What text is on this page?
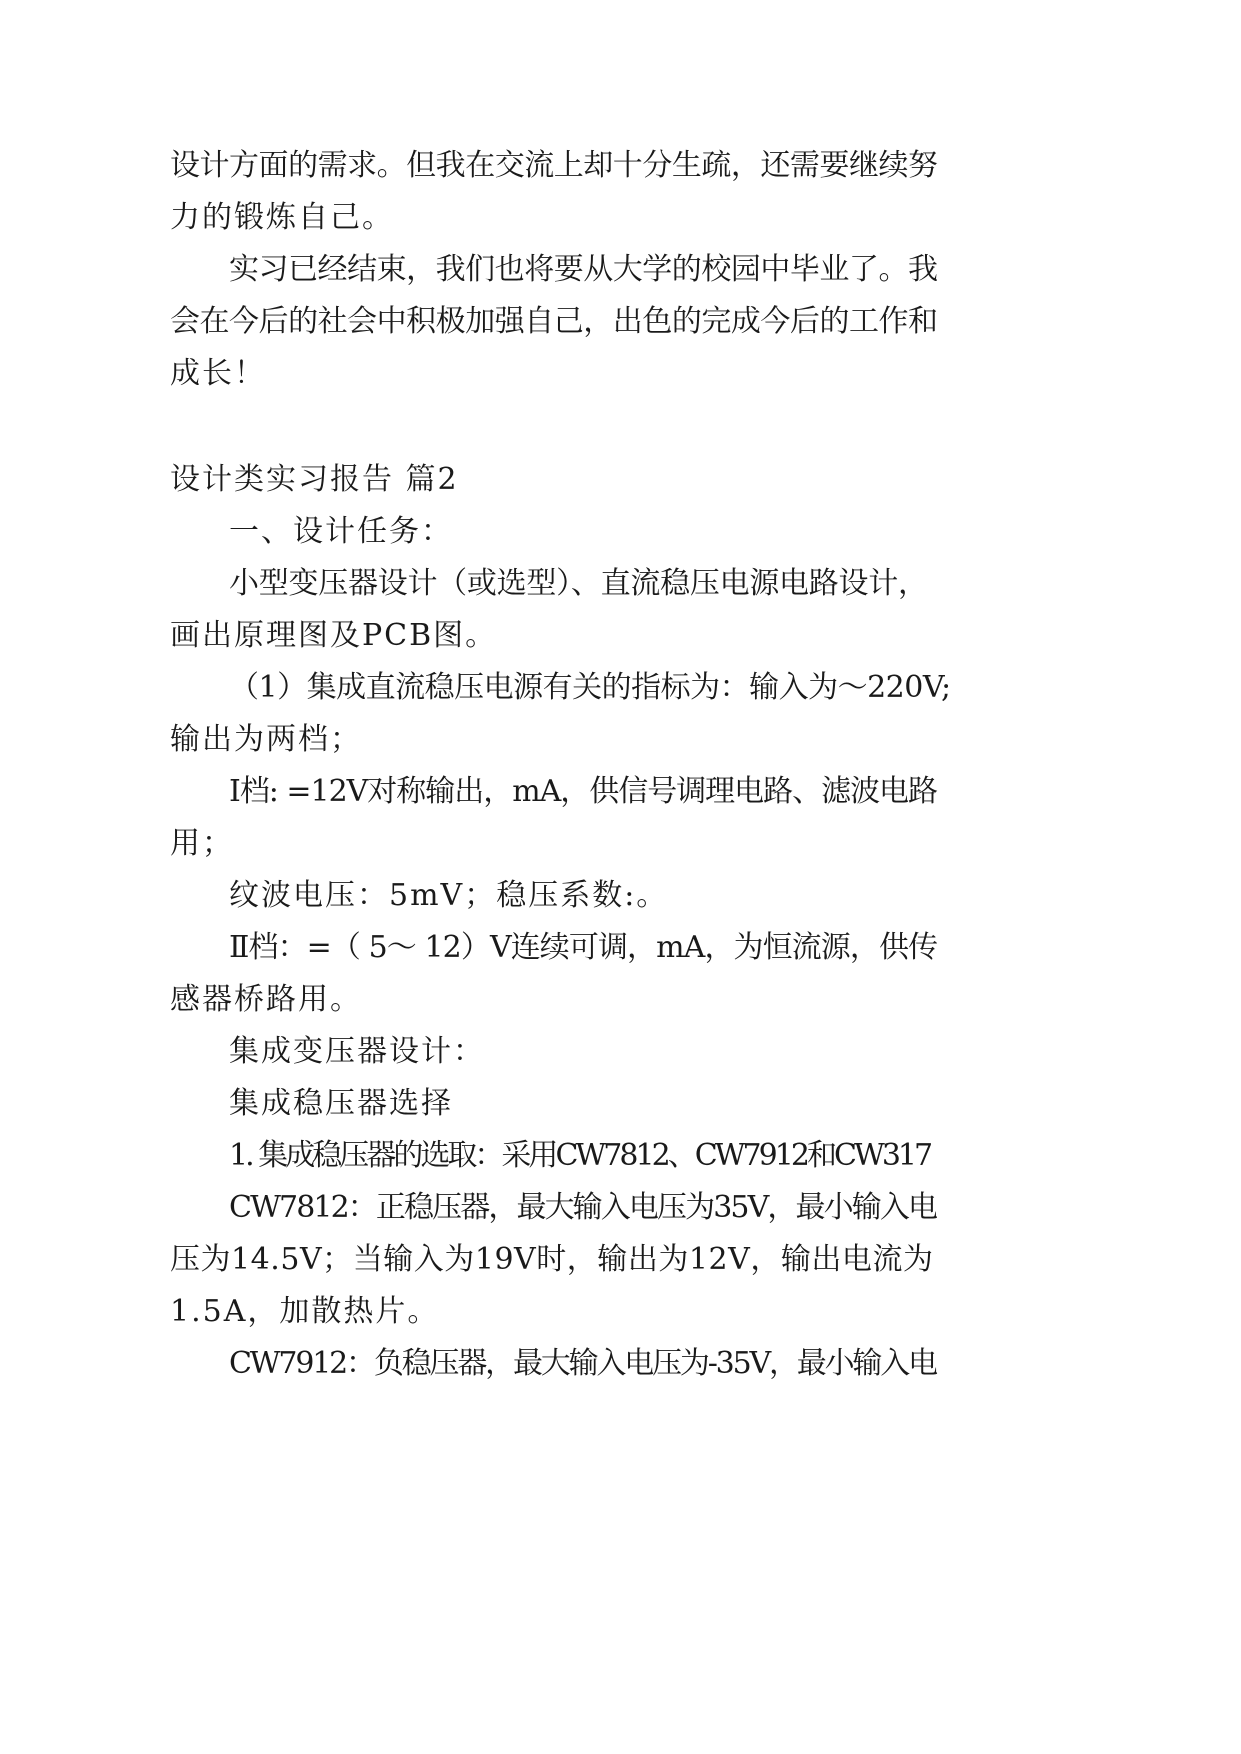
设计方面的需求。但我在交流上却十分生疏，还需要继续努
力的锻炼自己。
实习已经结束，我们也将要从大学的校园中毕业了。我
会在今后的社会中积极加强自己，出色的完成今后的工作和
成长！
设计类实习报告 篇2
一、设计任务：
小型变压器设计（或选型）、直流稳压电源电路设计，
画出原理图及PCB图。
（1）集成直流稳压电源有关的指标为：输入为～220V;
输出为两档；
Ⅰ档: =12V对称输出，mA，供信号调理电路、滤波电路
用；
纹波电压：5mV；稳压系数:。
Ⅱ档：=（ 5～ 12）V连续可调，mA，为恒流源，供传
感器桥路用。
集成变压器设计：
集成稳压器选择
1. 集成稳压器的选取：采用CW7812、CW7912和CW317
CW7812：正稳压器，最大输入电压为35V，最小输入电
压为14.5V；当输入为19V时，输出为12V，输出电流为
1.5A，加散热片。
CW7912：负稳压器，最大输入电压为-35V，最小输入电
